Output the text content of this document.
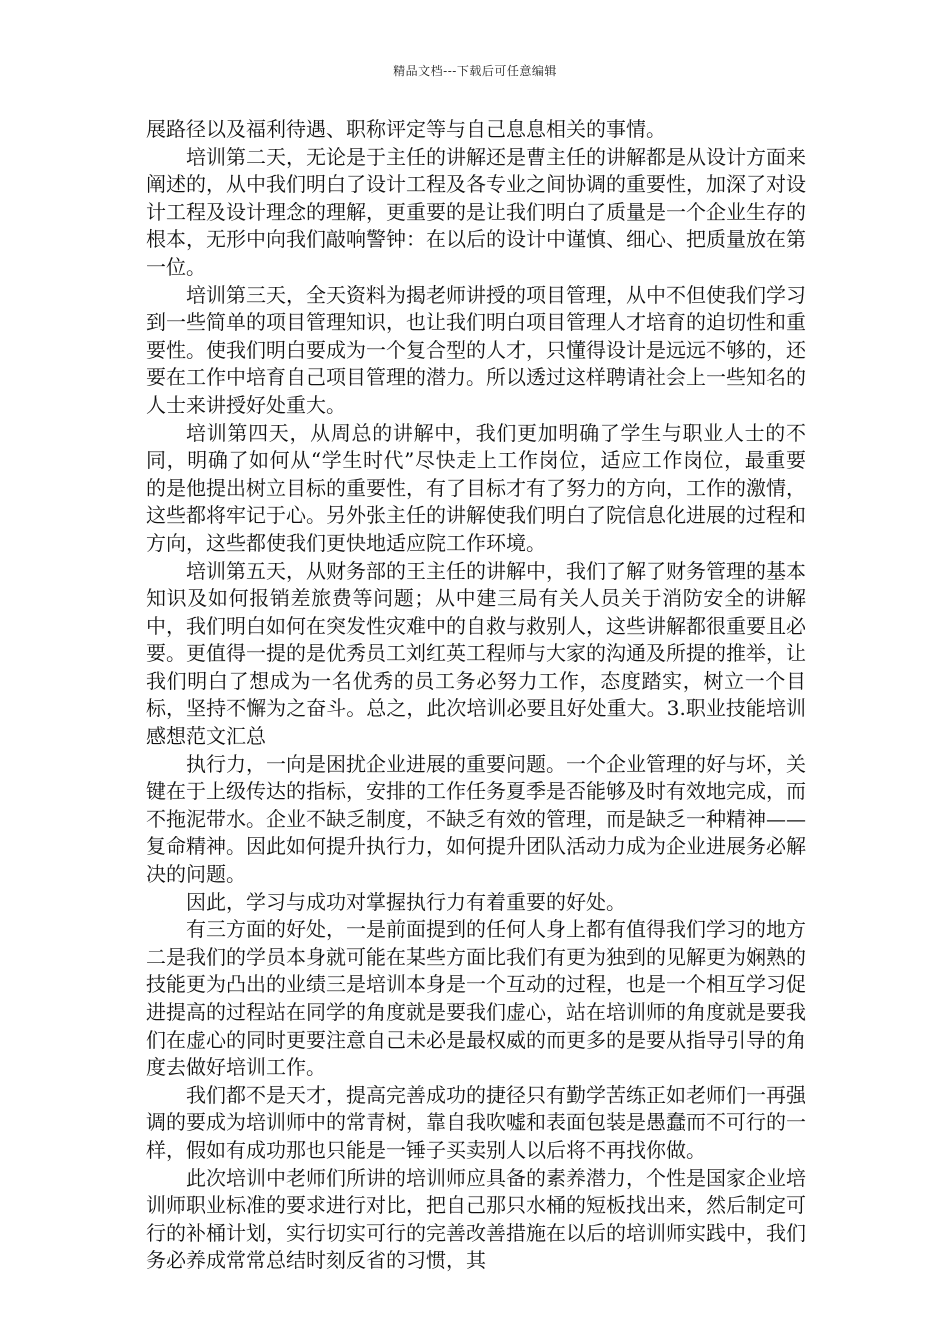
精品文档---下载后可任意编辑

展路径以及福利待遇、职称评定等与自己息息相关的事情。

培训第二天，无论是于主任的讲解还是曹主任的讲解都是从设计方面来阐述的，从中我们明白了设计工程及各专业之间协调的重要性，加深了对设计工程及设计理念的理解，更重要的是让我们明白了质量是一个企业生存的根本，无形中向我们敲响警钟：在以后的设计中谨慎、细心、把质量放在第一位。

培训第三天，全天资料为揭老师讲授的项目管理，从中不但使我们学习到一些简单的项目管理知识，也让我们明白项目管理人才培育的迫切性和重要性。使我们明白要成为一个复合型的人才，只懂得设计是远远不够的，还要在工作中培育自己项目管理的潜力。所以透过这样聘请社会上一些知名的人士来讲授好处重大。

培训第四天，从周总的讲解中，我们更加明确了学生与职业人士的不同，明确了如何从“学生时代”尽快走上工作岗位，适应工作岗位，最重要的是他提出树立目标的重要性，有了目标才有了努力的方向，工作的激情，这些都将牢记于心。另外张主任的讲解使我们明白了院信息化进展的过程和方向，这些都使我们更快地适应院工作环境。

培训第五天，从财务部的王主任的讲解中，我们了解了财务管理的基本知识及如何报销差旅费等问题；从中建三局有关人员关于消防安全的讲解中，我们明白如何在突发性灾难中的自救与救别人，这些讲解都很重要且必要。更值得一提的是优秀员工刘红英工程师与大家的沟通及所提的推举，让我们明白了想成为一名优秀的员工务必努力工作，态度踏实，树立一个目标，坚持不懈为之奋斗。总之，此次培训必要且好处重大。3.职业技能培训感想范文汇总

执行力，一向是困扰企业进展的重要问题。一个企业管理的好与坏，关键在于上级传达的指标，安排的工作任务夏季是否能够及时有效地完成，而不拖泥带水。企业不缺乏制度，不缺乏有效的管理，而是缺乏一种精神——复命精神。因此如何提升执行力，如何提升团队活动力成为企业进展务必解决的问题。

因此，学习与成功对掌握执行力有着重要的好处。

有三方面的好处，一是前面提到的任何人身上都有值得我们学习的地方二是我们的学员本身就可能在某些方面比我们有更为独到的见解更为娴熟的技能更为凸出的业绩三是培训本身是一个互动的过程，也是一个相互学习促进提高的过程站在同学的角度就是要我们虚心，站在培训师的角度就是要我们在虚心的同时更要注意自己未必是最权威的而更多的是要从指导引导的角度去做好培训工作。

我们都不是天才，提高完善成功的捷径只有勤学苦练正如老师们一再强调的要成为培训师中的常青树，靠自我吹嘘和表面包装是愚蠢而不可行的一样，假如有成功那也只能是一锤子买卖别人以后将不再找你做。

此次培训中老师们所讲的培训师应具备的素养潜力，个性是国家企业培训师职业标准的要求进行对比，把自己那只水桶的短板找出来，然后制定可行的补桶计划，实行切实可行的完善改善措施在以后的培训师实践中，我们务必养成常常总结时刻反省的习惯，其
